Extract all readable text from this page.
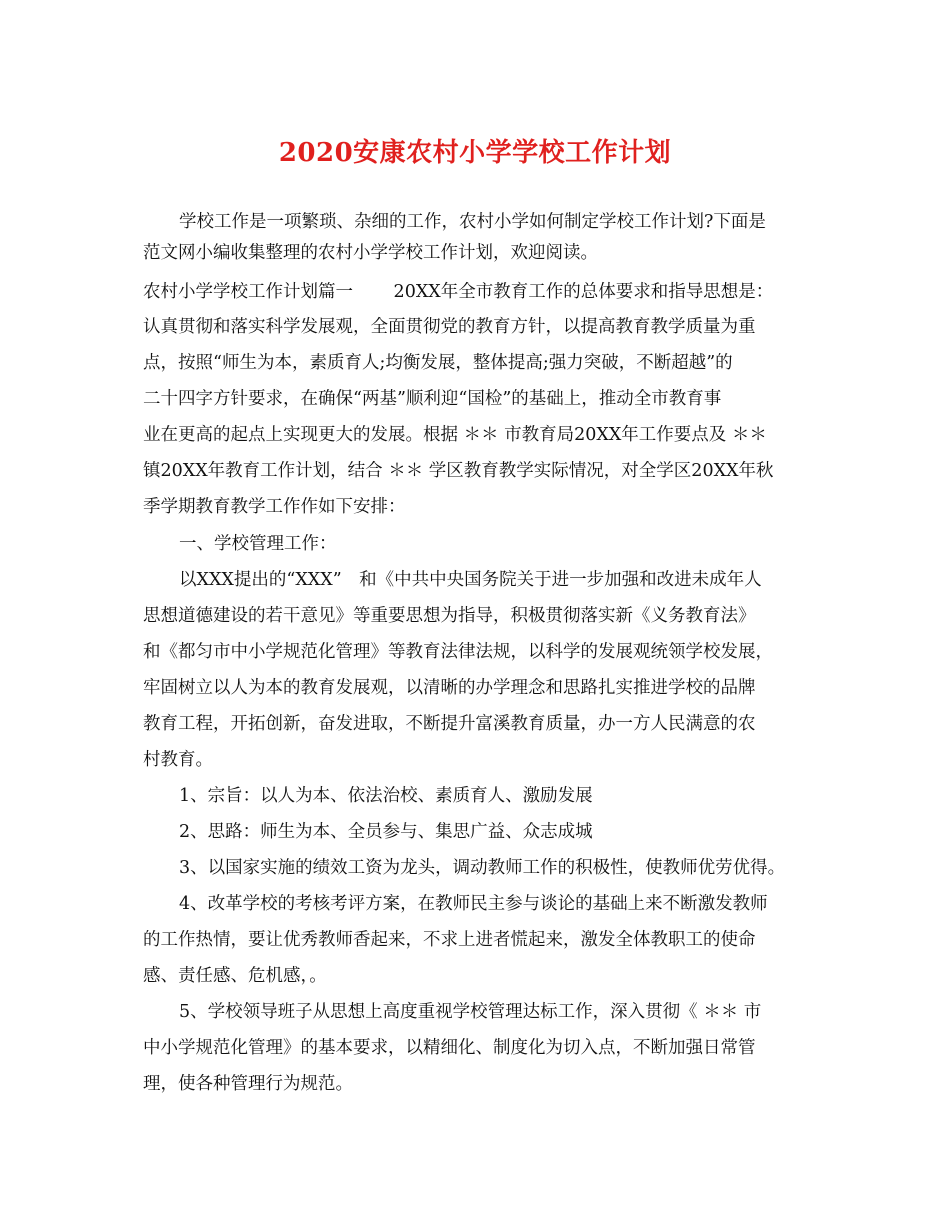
2020安康农村小学学校工作计划
学校工作是一项繁琐、杂细的工作，农村小学如何制定学校工作计划?下面是
范文网小编收集整理的农村小学学校工作计划，欢迎阅读。
农村小学学校工作计划篇一　　 20XX年全市教育工作的总体要求和指导思想是：
认真贯彻和落实科学发展观，全面贯彻党的教育方针，以提高教育教学质量为重
点，按照“师生为本，素质育人;均衡发展，整体提高;强力突破，不断超越”的
二十四字方针要求，在确保“两基”顺利迎“国检”的基础上，推动全市教育事
业在更高的起点上实现更大的发展。根据 ＊＊ 市教育局20XX年工作要点及 ＊＊
镇20XX年教育工作计划，结合 ＊＊ 学区教育教学实际情况，对全学区20XX年秋
季学期教育教学工作作如下安排：
一、学校管理工作：
以XXX提出的“XXX”　和《中共中央国务院关于进一步加强和改进未成年人
思想道德建设的若干意见》等重要思想为指导，积极贯彻落实新《义务教育法》
和《都匀市中小学规范化管理》等教育法律法规，以科学的发展观统领学校发展，
牢固树立以人为本的教育发展观，以清晰的办学理念和思路扎实推进学校的品牌
教育工程，开拓创新，奋发进取，不断提升富溪教育质量，办一方人民满意的农
村教育。
1、宗旨：以人为本、依法治校、素质育人、激励发展
2、思路：师生为本、全员参与、集思广益、众志成城
3、以国家实施的绩效工资为龙头，调动教师工作的积极性，使教师优劳优得。
4、改革学校的考核考评方案，在教师民主参与谈论的基础上来不断激发教师
的工作热情，要让优秀教师香起来，不求上进者慌起来，激发全体教职工的使命
感、责任感、危机感，。
5、学校领导班子从思想上高度重视学校管理达标工作，深入贯彻《 ＊＊ 市
中小学规范化管理》的基本要求，以精细化、制度化为切入点，不断加强日常管
理，使各种管理行为规范。
